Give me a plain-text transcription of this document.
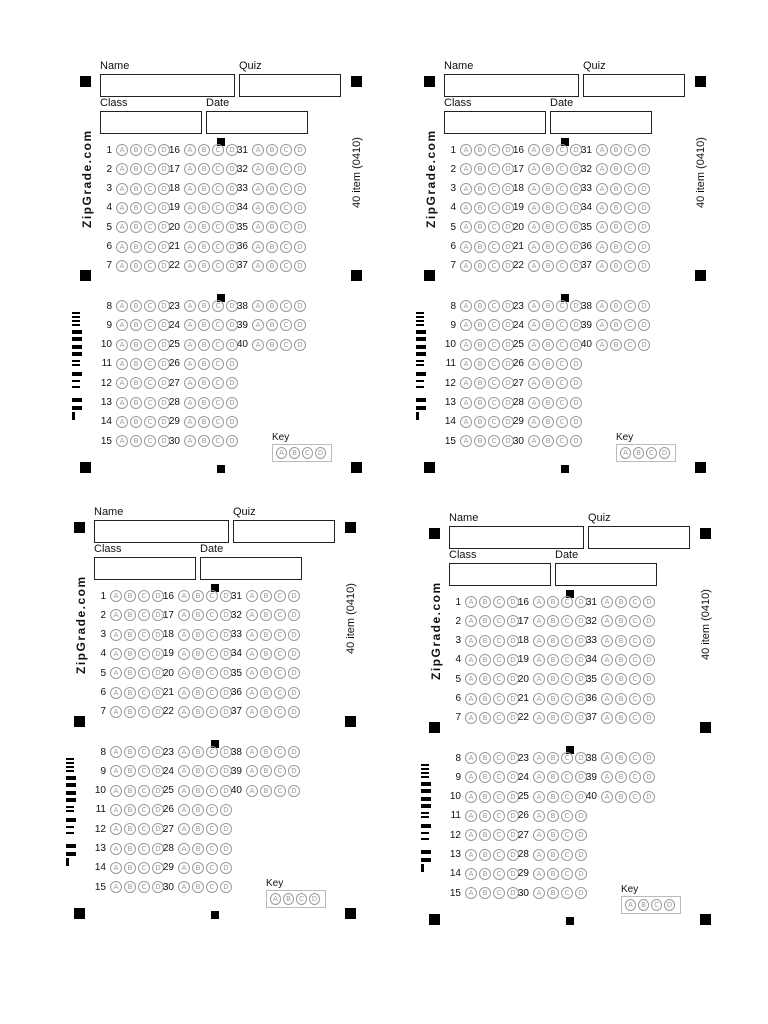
Name	Quiz
Class	Date
ZipGrade.com	40 item (0410)
1	A	B	C	D
2	A	B	C	D
3	A	B	C	D
4	A	B	C	D
5	A	B	C	D
6	A	B	C	D
7	A	B	C	D
8	A	B	C	D
9	A	B	C	D
10	A	B	C	D
11	A	B	C	D
12	A	B	C	D
13	A	B	C	D
14	A	B	C	D
15	A	B	C	D
16	A	B	C	D
17	A	B	C	D
18	A	B	C	D
19	A	B	C	D
20	A	B	C	D
21	A	B	C	D
22	A	B	C	D
23	A	B	C	D
24	A	B	C	D
25	A	B	C	D
26	A	B	C	D
27	A	B	C	D
28	A	B	C	D
29	A	B	C	D
30	A	B	C	D
31	A	B	C	D
32	A	B	C	D
33	A	B	C	D
34	A	B	C	D
35	A	B	C	D
36	A	B	C	D
37	A	B	C	D
38	A	B	C	D
39	A	B	C	D
40	A	B	C	D
Key
A	B	C	D
Name	Quiz
Class	Date
ZipGrade.com	40 item (0410)
1	A	B	C	D
2	A	B	C	D
3	A	B	C	D
4	A	B	C	D
5	A	B	C	D
6	A	B	C	D
7	A	B	C	D
8	A	B	C	D
9	A	B	C	D
10	A	B	C	D
11	A	B	C	D
12	A	B	C	D
13	A	B	C	D
14	A	B	C	D
15	A	B	C	D
16	A	B	C	D
17	A	B	C	D
18	A	B	C	D
19	A	B	C	D
20	A	B	C	D
21	A	B	C	D
22	A	B	C	D
23	A	B	C	D
24	A	B	C	D
25	A	B	C	D
26	A	B	C	D
27	A	B	C	D
28	A	B	C	D
29	A	B	C	D
30	A	B	C	D
31	A	B	C	D
32	A	B	C	D
33	A	B	C	D
34	A	B	C	D
35	A	B	C	D
36	A	B	C	D
37	A	B	C	D
38	A	B	C	D
39	A	B	C	D
40	A	B	C	D
Key
A	B	C	D
Name	Quiz
Class	Date
ZipGrade.com	40 item (0410)
1	A	B	C	D
2	A	B	C	D
3	A	B	C	D
4	A	B	C	D
5	A	B	C	D
6	A	B	C	D
7	A	B	C	D
8	A	B	C	D
9	A	B	C	D
10	A	B	C	D
11	A	B	C	D
12	A	B	C	D
13	A	B	C	D
14	A	B	C	D
15	A	B	C	D
16	A	B	C	D
17	A	B	C	D
18	A	B	C	D
19	A	B	C	D
20	A	B	C	D
21	A	B	C	D
22	A	B	C	D
23	A	B	C	D
24	A	B	C	D
25	A	B	C	D
26	A	B	C	D
27	A	B	C	D
28	A	B	C	D
29	A	B	C	D
30	A	B	C	D
31	A	B	C	D
32	A	B	C	D
33	A	B	C	D
34	A	B	C	D
35	A	B	C	D
36	A	B	C	D
37	A	B	C	D
38	A	B	C	D
39	A	B	C	D
40	A	B	C	D
Key
A	B	C	D
Name	Quiz
Class	Date
ZipGrade.com	40 item (0410)
1	A	B	C	D
2	A	B	C	D
3	A	B	C	D
4	A	B	C	D
5	A	B	C	D
6	A	B	C	D
7	A	B	C	D
8	A	B	C	D
9	A	B	C	D
10	A	B	C	D
11	A	B	C	D
12	A	B	C	D
13	A	B	C	D
14	A	B	C	D
15	A	B	C	D
16	A	B	C	D
17	A	B	C	D
18	A	B	C	D
19	A	B	C	D
20	A	B	C	D
21	A	B	C	D
22	A	B	C	D
23	A	B	C	D
24	A	B	C	D
25	A	B	C	D
26	A	B	C	D
27	A	B	C	D
28	A	B	C	D
29	A	B	C	D
30	A	B	C	D
31	A	B	C	D
32	A	B	C	D
33	A	B	C	D
34	A	B	C	D
35	A	B	C	D
36	A	B	C	D
37	A	B	C	D
38	A	B	C	D
39	A	B	C	D
40	A	B	C	D
Key
A	B	C	D
